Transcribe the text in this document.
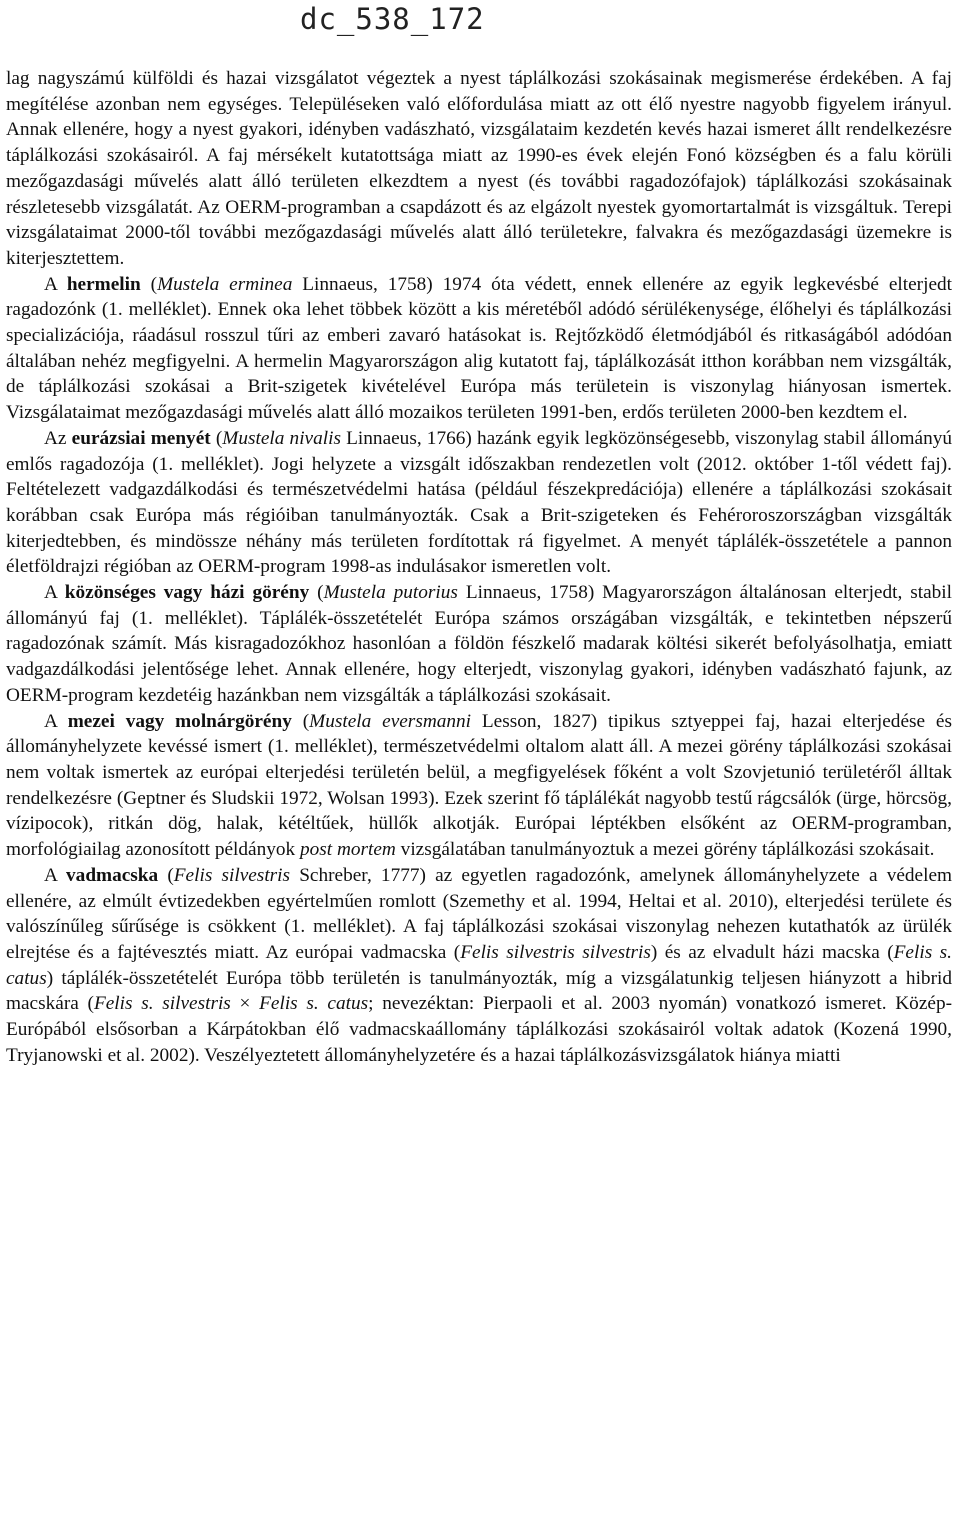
dc_538_172

lag nagyszámú külföldi és hazai vizsgálatot végeztek a nyest táplálkozási szokásainak megismerése érdekében. A faj megítélése azonban nem egységes. Településeken való előfordulása miatt az ott élő nyestre nagyobb figyelem irányul. Annak ellenére, hogy a nyest gyakori, idényben vadászható, vizsgálataim kezdetén kevés hazai ismeret állt rendelkezésre táplálkozási szokásairól. A faj mérsékelt kutatottsága miatt az 1990-es évek elején Fonó községben és a falu körüli mezőgazdasági művelés alatt álló területen elkezdtem a nyest (és további ragadozófajok) táplálkozási szokásainak részletesebb vizsgálatát. Az OERM-programban a csapdázott és az elgázolt nyestek gyomortartalmát is vizsgáltuk. Terepi vizsgálataimat 2000-től további mezőgazdasági művelés alatt álló területekre, falvakra és mezőgazdasági üzemekre is kiterjesztettem.

A hermelin (Mustela erminea Linnaeus, 1758) 1974 óta védett, ennek ellenére az egyik legkevésbé elterjedt ragadozónk (1. melléklet). Ennek oka lehet többek között a kis méretéből adódó sérülékenysége, élőhelyi és táplálkozási specializációja, ráadásul rosszul tűri az emberi zavaró hatásokat is. Rejtőzködő életmódjából és ritkaságából adódóan általában nehéz megfigyelni. A hermelin Magyarországon alig kutatott faj, táplálkozását itthon korábban nem vizsgálták, de táplálkozási szokásai a Brit-szigetek kivételével Európa más területein is viszonylag hiányosan ismertek. Vizsgálataimat mezőgazdasági művelés alatt álló mozaikos területen 1991-ben, erdős területen 2000-ben kezdtem el.

Az eurázsiai menyét (Mustela nivalis Linnaeus, 1766) hazánk egyik legközönségesebb, viszonylag stabil állományú emlős ragadozója (1. melléklet). Jogi helyzete a vizsgált időszakban rendezetlen volt (2012. október 1-től védett faj). Feltételezett vadgazdálkodási és természetvédelmi hatása (például fészekpredációja) ellenére a táplálkozási szokásait korábban csak Európa más régióiban tanulmányozták. Csak a Brit-szigeteken és Fehéroroszországban vizsgálták kiterjedtebben, és mindössze néhány más területen fordítottak rá figyelmet. A menyét táplálék-összetétele a pannon életföldrajzi régióban az OERM-program 1998-as indulásakor ismeretlen volt.

A közönséges vagy házi görény (Mustela putorius Linnaeus, 1758) Magyarországon általánosan elterjedt, stabil állományú faj (1. melléklet). Táplálék-összetételét Európa számos országában vizsgálták, e tekintetben népszerű ragadozónak számít. Más kisragadozókhoz hasonlóan a földön fészkelő madarak költési sikerét befolyásolhatja, emiatt vadgazdálkodási jelentősége lehet. Annak ellenére, hogy elterjedt, viszonylag gyakori, idényben vadászható fajunk, az OERM-program kezdetéig hazánkban nem vizsgálták a táplálkozási szokásait.

A mezei vagy molnárgörény (Mustela eversmanni Lesson, 1827) tipikus sztyeppei faj, hazai elterjedése és állományhelyzete kevéssé ismert (1. melléklet), természetvédelmi oltalom alatt áll. A mezei görény táplálkozási szokásai nem voltak ismertek az európai elterjedési területén belül, a megfigyelések főként a volt Szovjetunió területéről álltak rendelkezésre (Geptner és Sludskii 1972, Wolsan 1993). Ezek szerint fő táplálékát nagyobb testű rágcsálók (ürge, hörcsög, vízipocok), ritkán dög, halak, kétéltűek, hüllők alkotják. Európai léptékben elsőként az OERM-programban, morfológiailag azonosított példányok post mortem vizsgálatában tanulmányoztuk a mezei görény táplálkozási szokásait.

A vadmacska (Felis silvestris Schreber, 1777) az egyetlen ragadozónk, amelynek állományhelyzete a védelem ellenére, az elmúlt évtizedekben egyértelműen romlott (Szemethy et al. 1994, Heltai et al. 2010), elterjedési területe és valószínűleg sűrűsége is csökkent (1. melléklet). A faj táplálkozási szokásai viszonylag nehezen kutathatók az ürülék elrejtése és a fajtévesztés miatt. Az európai vadmacska (Felis silvestris silvestris) és az elvadult házi macska (Felis s. catus) táplálék-összetételét Európa több területén is tanulmányozták, míg a vizsgálatunkig teljesen hiányzott a hibrid macskára (Felis s. silvestris × Felis s. catus; nevezéktan: Pierpaoli et al. 2003 nyomán) vonatkozó ismeret. Közép-Európából elsősorban a Kárpátokban élő vadmacskaállomány táplálkozási szokásairól voltak adatok (Kozená 1990, Tryjanowski et al. 2002). Veszélyeztetett állományhelyzetére és a hazai táplálkozásvizsgálatok hiánya miatti
